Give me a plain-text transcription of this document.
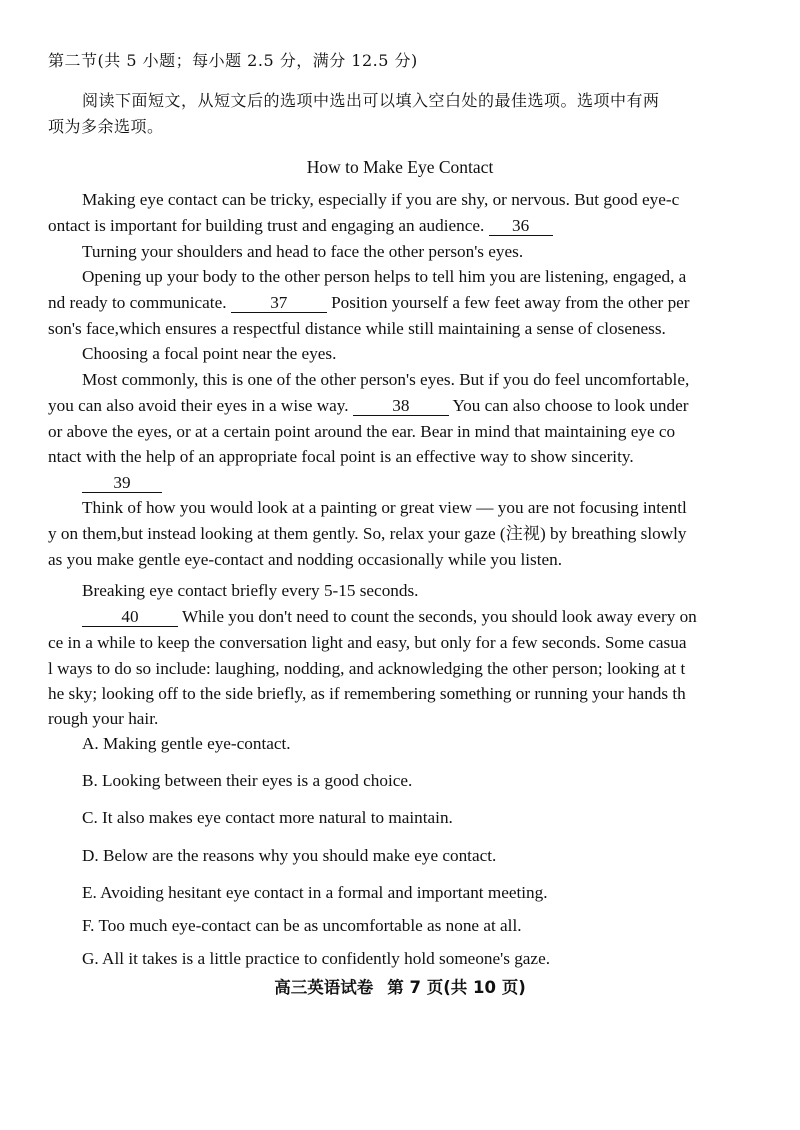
第二节(共 5 小题；每小题 2.5 分，满分 12.5 分)
阅读下面短文，从短文后的选项中选出可以填入空白处的最佳选项。选项中有两
项为多余选项。
How to Make Eye Contact
Making eye contact can be tricky, especially if you are shy, or nervous. But good eye-c
ontact is important for building trust and engaging an audience. 36
Turning your shoulders and head to face the other person's eyes.
Opening up your body to the other person helps to tell him you are listening, engaged, a
nd ready to communicate. 37 Position yourself a few feet away from the other per
son's face,which ensures a respectful distance while still maintaining a sense of closeness.
Choosing a focal point near the eyes.
Most commonly, this is one of the other person's eyes. But if you do feel uncomfortable,
you can also avoid their eyes in a wise way. 38 You can also choose to look under
or above the eyes, or at a certain point around the ear. Bear in mind that maintaining eye co
ntact with the help of an appropriate focal point is an effective way to show sincerity.
39
Think of how you would look at a painting or great view — you are not focusing intentl
y on them,but instead looking at them gently. So, relax your gaze (注视) by breathing slowly
as you make gentle eye-contact and nodding occasionally while you listen.
Breaking eye contact briefly every 5-15 seconds.
40 While you don't need to count the seconds, you should look away every on
ce in a while to keep the conversation light and easy, but only for a few seconds. Some casua
l ways to do so include: laughing, nodding, and acknowledging the other person; looking at t
he sky; looking off to the side briefly, as if remembering something or running your hands th
rough your hair.
A. Making gentle eye-contact.
B. Looking between their eyes is a good choice.
C. It also makes eye contact more natural to maintain.
D. Below are the reasons why you should make eye contact.
E. Avoiding hesitant eye contact in a formal and important meeting.
F. Too much eye-contact can be as uncomfortable as none at all.
G. All it takes is a little practice to confidently hold someone's gaze.
高三英语试卷 第 7 页(共 10 页)
